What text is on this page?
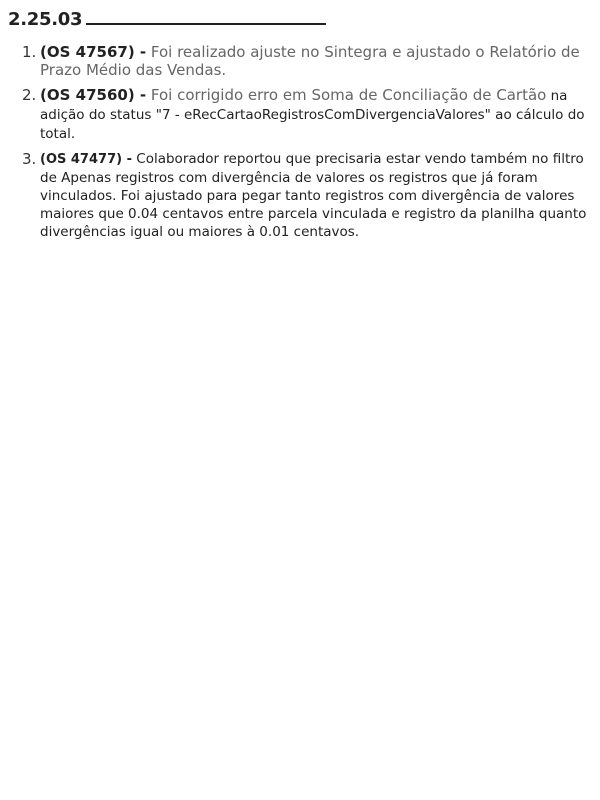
2.25.03
1. (OS 47567) - Foi realizado ajuste no Sintegra e ajustado o Relatório de Prazo Médio das Vendas.
2. (OS 47560) - Foi corrigido erro em Soma de Conciliação de Cartão na adição do status "7 - eRecCartaoRegistrosComDivergenciaValores" ao cálculo do total.
3. (OS 47477) - Colaborador reportou que precisaria estar vendo também no filtro de Apenas registros com divergência de valores os registros que já foram vinculados. Foi ajustado para pegar tanto registros com divergência de valores maiores que 0.04 centavos entre parcela vinculada e registro da planilha quanto divergências igual ou maiores à 0.01 centavos.
